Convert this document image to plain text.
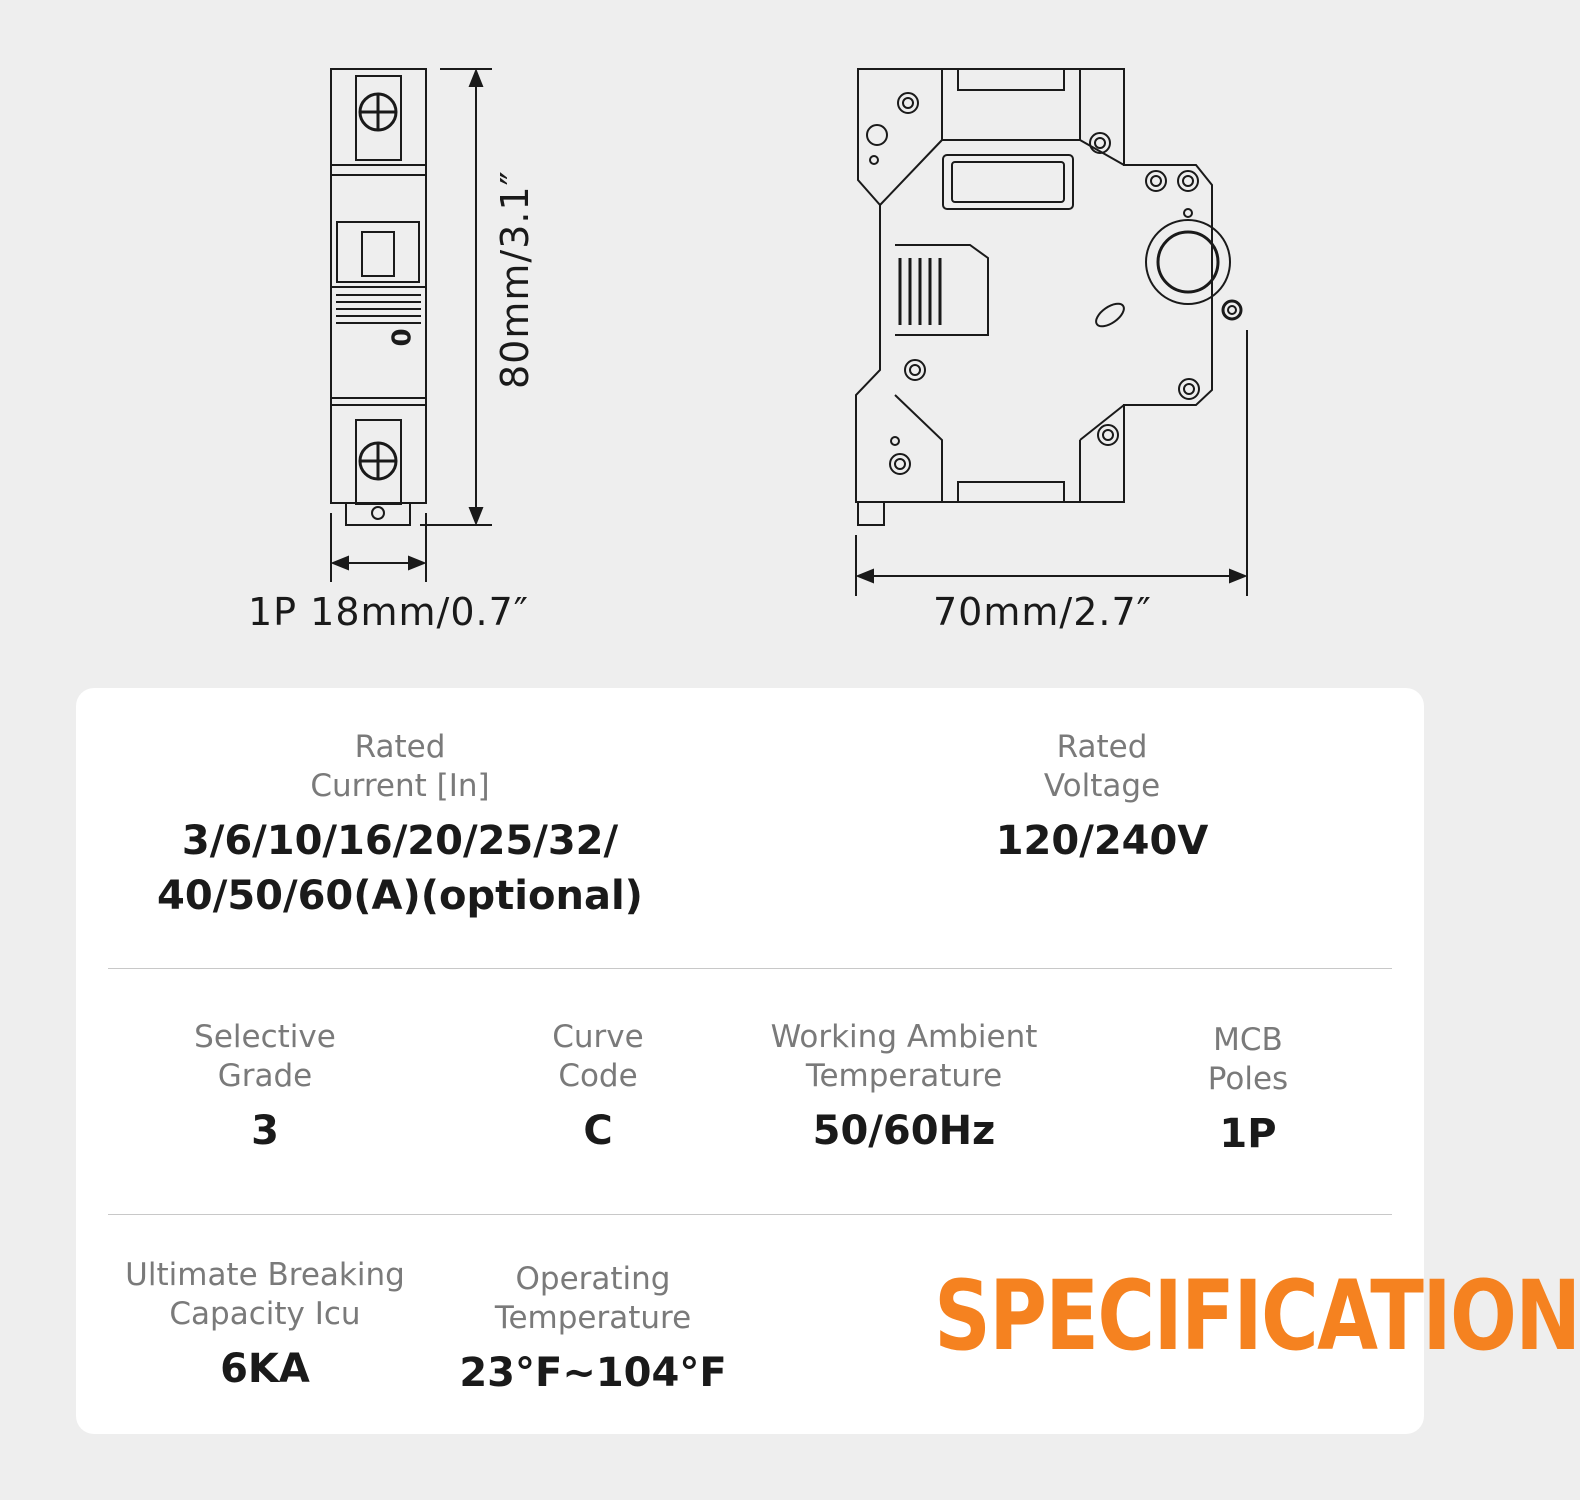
1P 18mm/0.7″
80mm/3.1″
70mm/2.7″
0
Rated
Current [In]
3/6/10/16/20/25/32/
40/50/60(A)(optional)
Rated
Voltage
120/240V
Selective
Grade
3
Curve
Code
C
Working Ambient
Temperature
50/60Hz
MCB
Poles
1P
Ultimate Breaking
Capacity Icu
6KA
Operating
Temperature
23°F~104°F
SPECIFICATION
